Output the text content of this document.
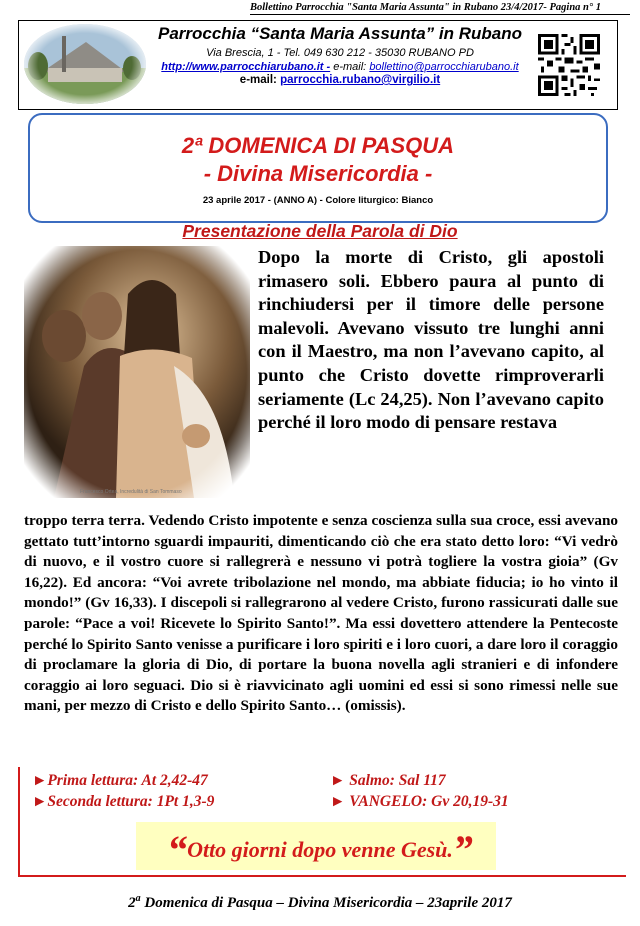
Bollettino Parrocchia "Santa Maria Assunta" in Rubano 23/4/2017- Pagina n° 1
Parrocchia “Santa Maria Assunta” in Rubano
Via Brescia, 1 - Tel. 049 630 212 - 35030 RUBANO PD
http://www.parrocchiarubano.it - e-mail: bollettino@parrocchiarubano.it
e-mail: parrocchia.rubano@virgilio.it
2ª DOMENICA DI PASQUA
- Divina Misericordia -
23 aprile 2017 - (ANNO A) - Colore liturgico: Bianco
Presentazione della Parola di Dio
Francesco Ortea, Incredulità di San Tommaso
Dopo la morte di Cristo, gli apostoli rimasero soli. Ebbero paura al punto di rinchiudersi per il timore delle persone malevoli. Avevano vissuto tre lunghi anni con il Maestro, ma non l’avevano capito, al punto che Cristo dovette rimproverarli seriamente (Lc 24,25). Non l’avevano capito perché il loro modo di pensare restava
troppo terra terra. Vedendo Cristo impotente e senza coscienza sulla sua croce, essi avevano gettato tutt’intorno sguardi impauriti, dimenticando ciò che era stato detto loro: “Vi vedrò di nuovo, e il vostro cuore si rallegrerà e nessuno vi potrà togliere la vostra gioia” (Gv 16,22). Ed ancora: “Voi avrete tribolazione nel mondo, ma abbiate fiducia; io ho vinto il mondo!” (Gv 16,33). I discepoli si rallegrarono al vedere Cristo, furono rassicurati dalle sue parole: “Pace a voi! Ricevete lo Spirito Santo!”. Ma essi dovettero attendere la Pentecoste perché lo Spirito Santo venisse a purificare i loro spiriti e i loro cuori, a dare loro il coraggio di proclamare la gloria di Dio, di portare la buona novella agli stranieri e di infondere coraggio ai loro seguaci. Dio si è riavvicinato agli uomini ed essi si sono rimessi nelle sue mani, per mezzo di Cristo e dello Spirito Santo… (omissis).
►Prima lettura: At 2,42-47	► Salmo: Sal 117
►Seconda lettura: 1Pt 1,3-9	► VANGELO: Gv 20,19-31
“Otto giorni dopo venne Gesù.”
2$^a$ Domenica di Pasqua – Divina Misericordia – 23aprile 2017
